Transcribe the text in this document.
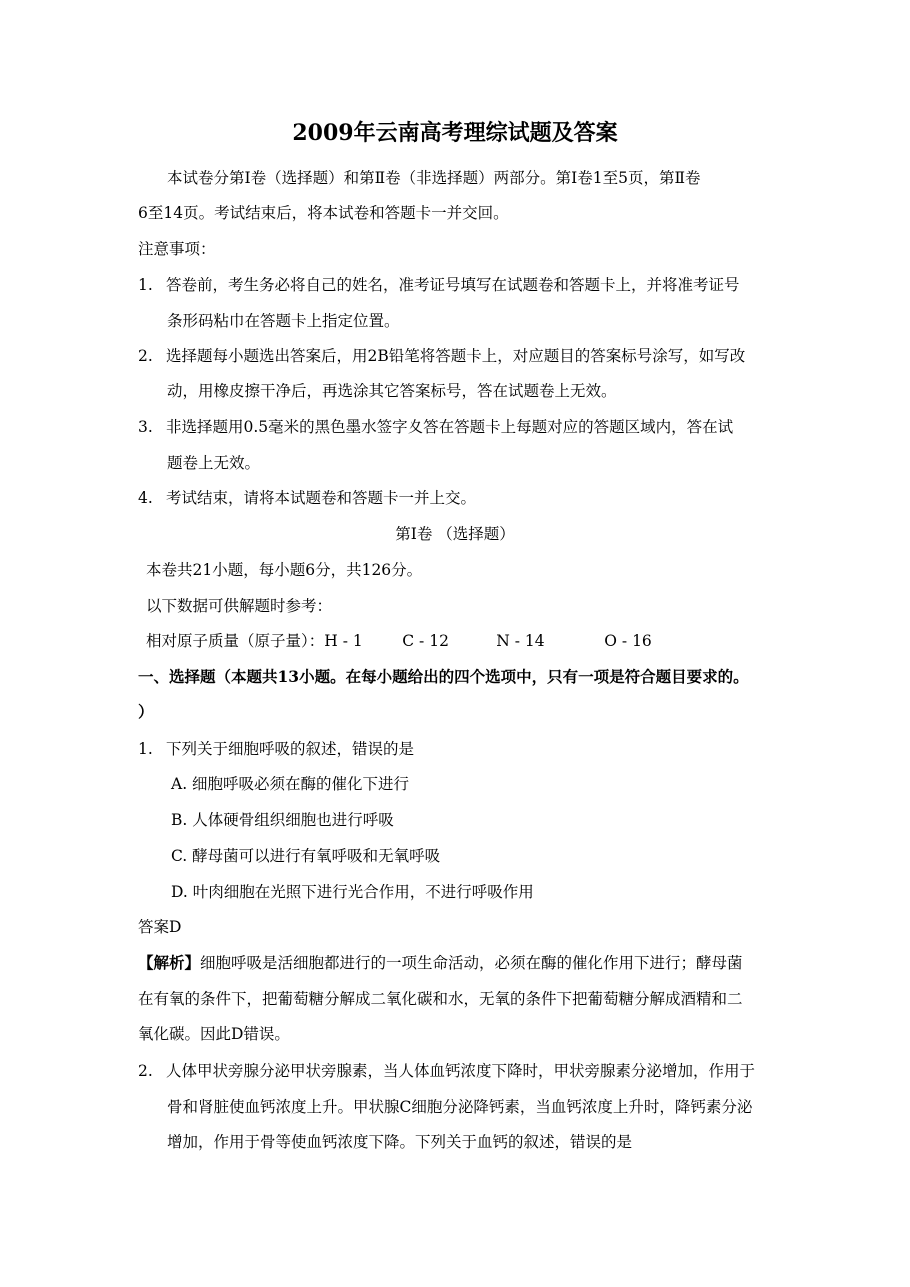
2009年云南高考理综试题及答案
本试卷分第Ⅰ卷（选择题）和第Ⅱ卷（非选择题）两部分。第Ⅰ卷1至5页，第Ⅱ卷
6至14页。考试结束后，将本试卷和答题卡一并交回。
注意事项：
1. 答卷前，考生务必将自己的姓名，准考证号填写在试题卷和答题卡上，并将准考证号
条形码粘巾在答题卡上指定位置。
2. 选择题每小题选出答案后，用2B铅笔将答题卡上，对应题目的答案标号涂写，如写改
动，用橡皮擦干净后，再选涂其它答案标号，答在试题卷上无效。
3. 非选择题用0.5毫米的黑色墨水签字夊答在答题卡上每题对应的答题区域内，答在试
题卷上无效。
4. 考试结束，请将本试题卷和答题卡一并上交。
第Ⅰ卷 （选择题）
本卷共21小题，每小题6分，共126分。
以下数据可供解题时参考：
相对原子质量（原子量）：H - 1	C - 12	N - 14	O - 16
一、选择题（本题共13小题。在每小题给出的四个选项中，只有一项是符合题目要求的。
）
1. 下列关于细胞呼吸的叙述，错误的是
A. 细胞呼吸必须在酶的催化下进行
B. 人体硬骨组织细胞也进行呼吸
C. 酵母菌可以进行有氧呼吸和无氧呼吸
D. 叶肉细胞在光照下进行光合作用，不进行呼吸作用
答案D
【解析】细胞呼吸是活细胞都进行的一项生命活动，必须在酶的催化作用下进行；酵母菌
在有氧的条件下，把葡萄糖分解成二氧化碳和水，无氧的条件下把葡萄糖分解成酒精和二
氧化碳。因此D错误。
2. 人体甲状旁腺分泌甲状旁腺素，当人体血钙浓度下降时，甲状旁腺素分泌增加，作用于
骨和肾脏使血钙浓度上升。甲状腺C细胞分泌降钙素，当血钙浓度上升时，降钙素分泌
增加，作用于骨等使血钙浓度下降。下列关于血钙的叙述，错误的是
